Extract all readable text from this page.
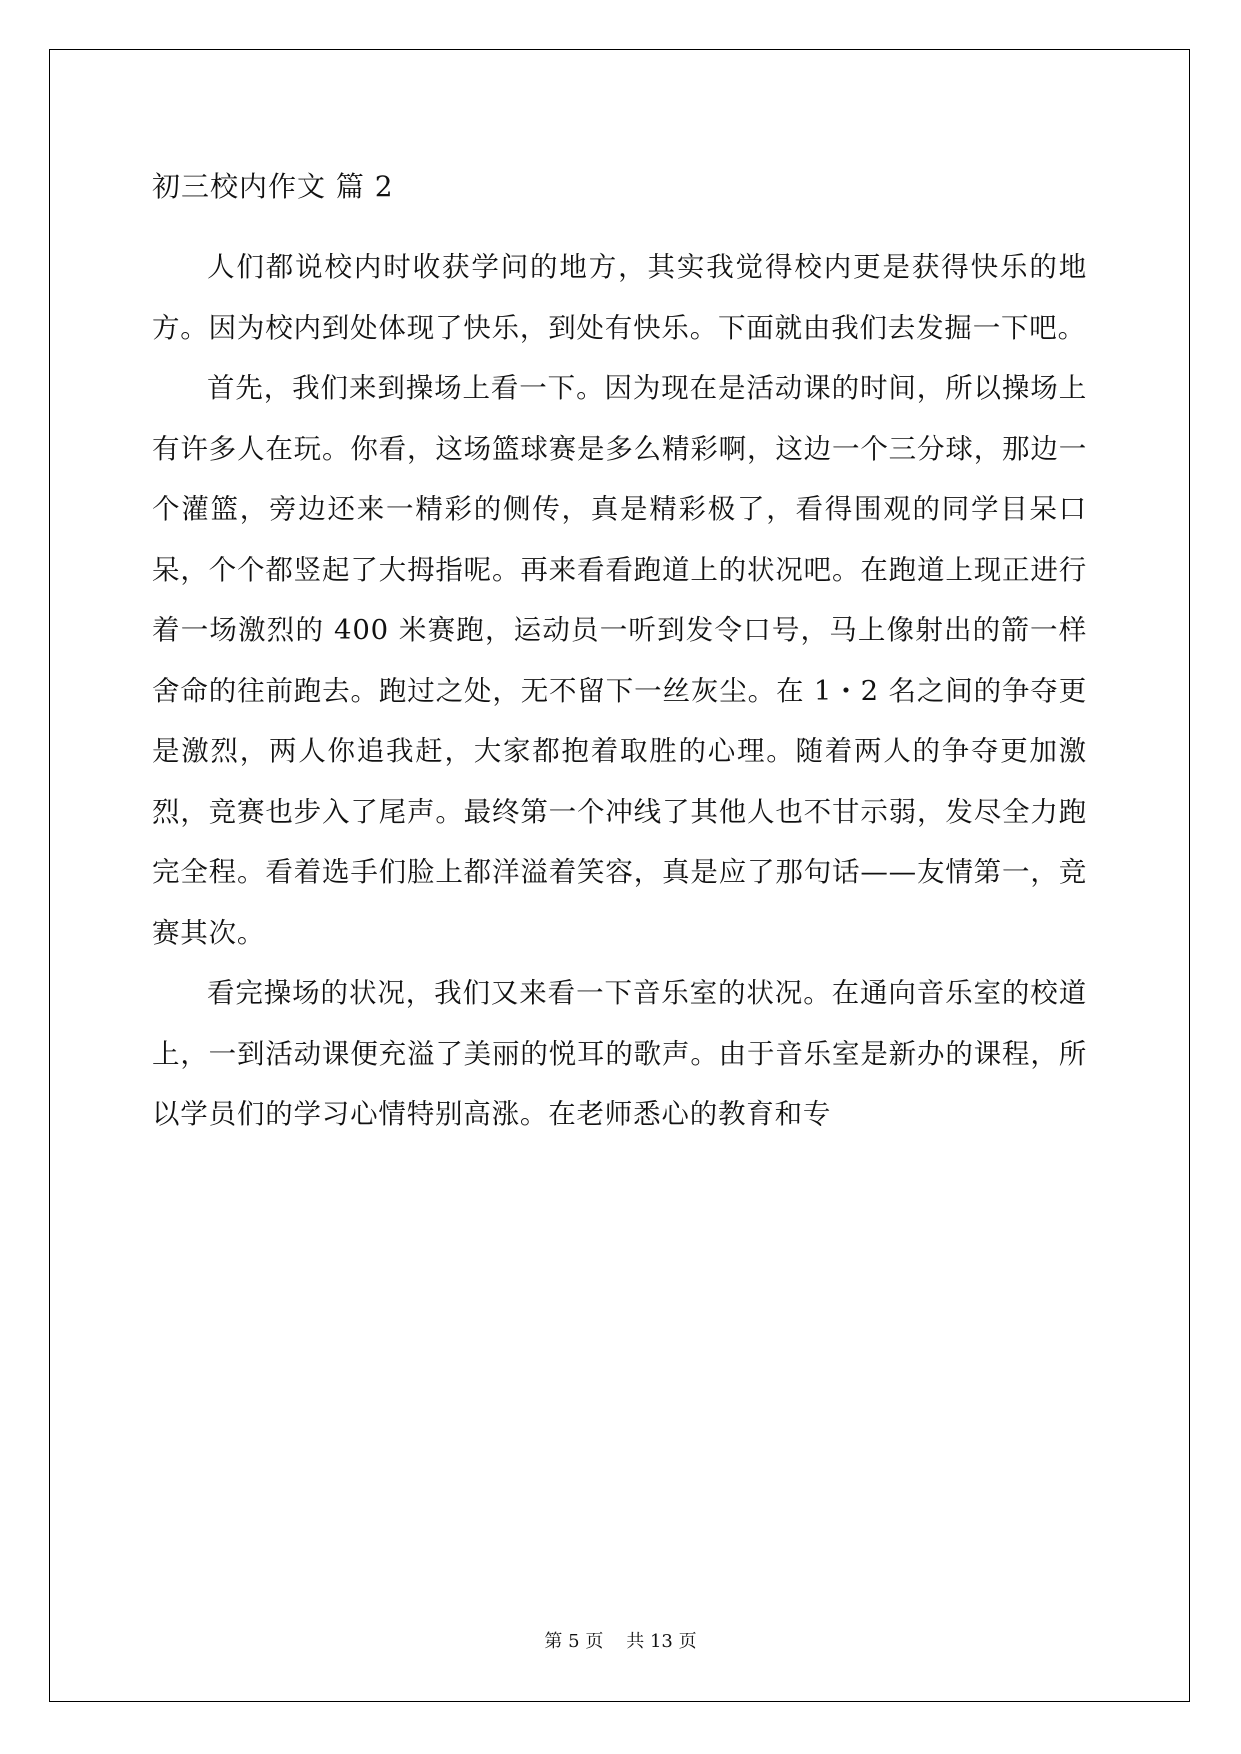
初三校内作文 篇 2

人们都说校内时收获学问的地方，其实我觉得校内更是获得快乐的地方。因为校内到处体现了快乐，到处有快乐。下面就由我们去发掘一下吧。

首先，我们来到操场上看一下。因为现在是活动课的时间，所以操场上有许多人在玩。你看，这场篮球赛是多么精彩啊，这边一个三分球，那边一个灌篮，旁边还来一精彩的侧传，真是精彩极了，看得围观的同学目呆口呆，个个都竖起了大拇指呢。再来看看跑道上的状况吧。在跑道上现正进行着一场激烈的 400 米赛跑，运动员一听到发令口号，马上像射出的箭一样舍命的往前跑去。跑过之处，无不留下一丝灰尘。在 1・2 名之间的争夺更是激烈，两人你追我赶，大家都抱着取胜的心理。随着两人的争夺更加激烈，竞赛也步入了尾声。最终第一个冲线了其他人也不甘示弱，发尽全力跑完全程。看着选手们脸上都洋溢着笑容，真是应了那句话——友情第一，竞赛其次。

看完操场的状况，我们又来看一下音乐室的状况。在通向音乐室的校道上，一到活动课便充溢了美丽的悦耳的歌声。由于音乐室是新办的课程，所以学员们的学习心情特别高涨。在老师悉心的教育和专

第 5 页 共 13 页
